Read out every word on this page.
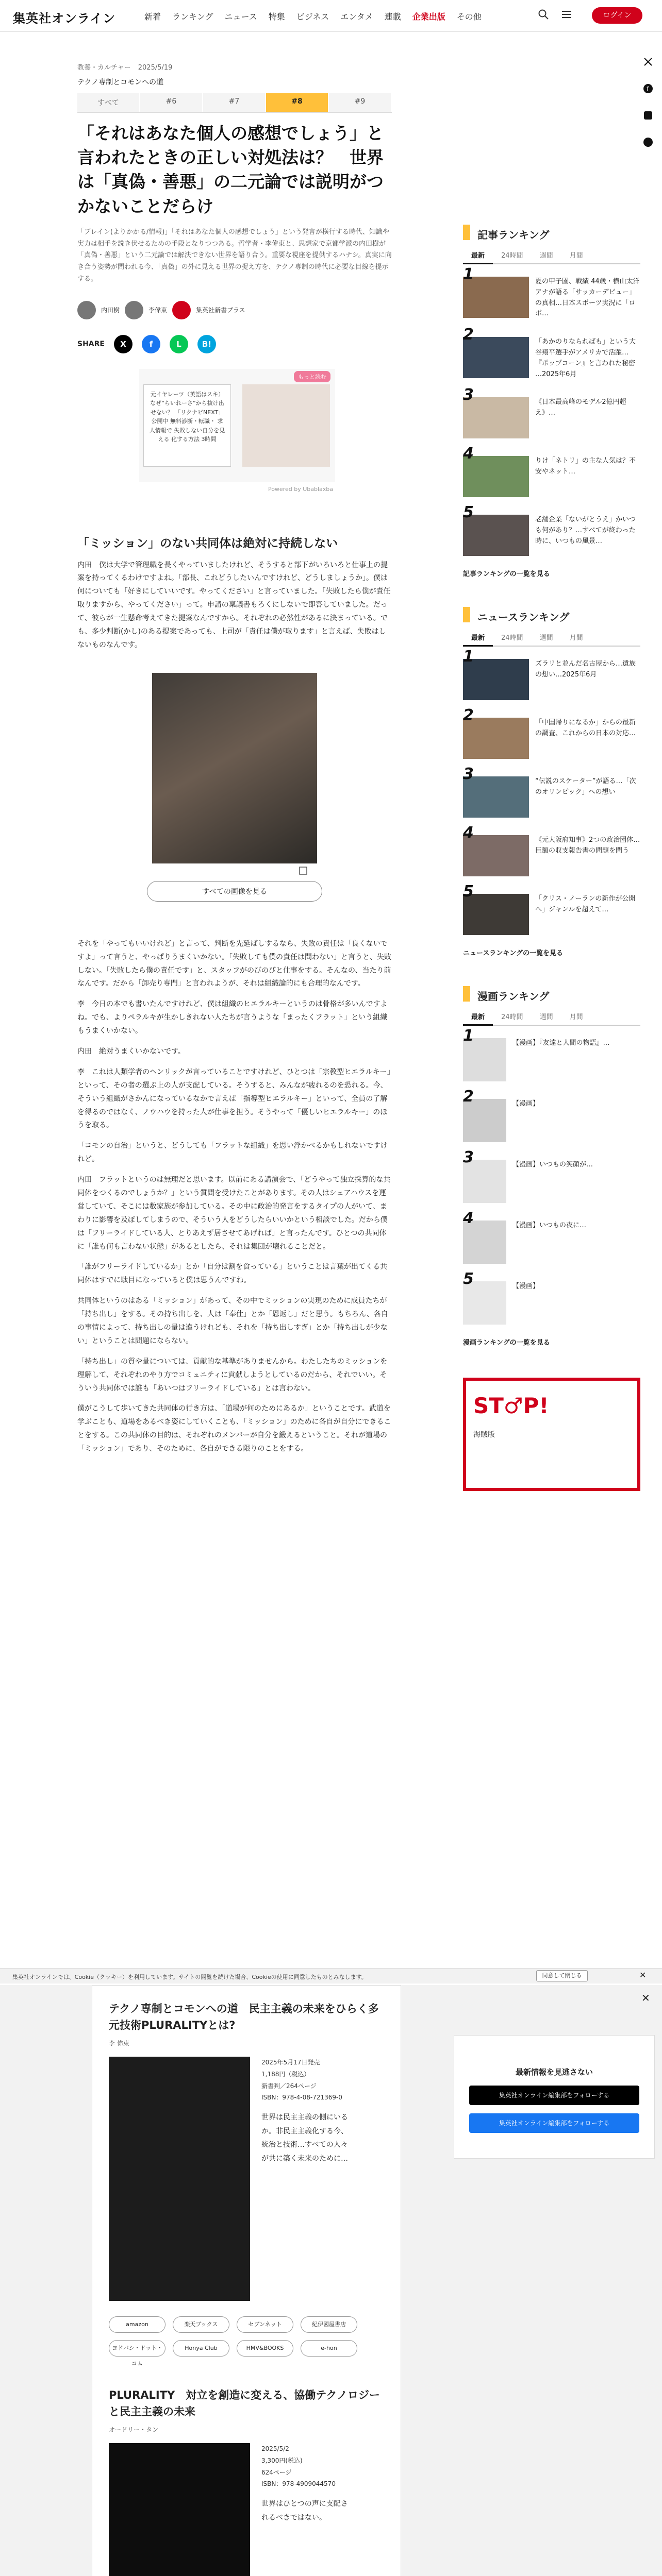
集英社オンライン	新着 ランキング ニュース 特集 ビジネス エンタメ 連載 企業出版 その他	ログイン
f
教養・カルチャー 2025/5/19
テクノ専制とコモンへの道
すべて	#6	#7	#8	#9
「それはあなた個人の感想でしょう」と言われたときの正しい対処法は？　世界は「真偽・善悪」の二元論では説明がつかないことだらけ

「ブレイン(よりかかる/情報)」「それはあなた個人の感想でしょう」という発言が横行する時代、知識や実力は相手を説き伏せるための手段となりつつある。哲学者・李偉東と、思想家で京都学派の内田樹が「真偽・善悪」という二元論では解決できない世界を語り合う。重要な視座を提供するハナシ。真実に向き合う姿勢が問われる今、「真偽」の外に見える世界の捉え方を、テクノ専制の時代に必要な目線を提示する。

内田樹	李偉東	集英社新書プラス
SHARE	X	f	L	B!
もっと読む
元イヤレーツ（英語はスキ）なぜ“らいれーさ”から抜け出せない？ 「リクナビNEXT」公開中 無料診断・転職・ 求人情報で 失敗しない自分を見える 化する方法 3時間
Powered by Ubablaxba
「ミッション」のない共同体は絶対に持続しない

内田　僕は大学で管理職を長くやっていましたけれど、そうすると部下がいろいろと仕事上の提案を持ってくるわけですよね。「部長、これどうしたいんですけれど、どうしましょうか」。僕は何についても「好きにしていいです。やってください」と言っていました。「失敗したら僕が責任取りますから、やってください」って。申請の稟議書もろくにしないで即答していました。だって、彼らが一生懸命考えてきた提案なんですから。それぞれの必然性があるに決まっている。でも、多少判断(かし)のある提案であっても、上司が「責任は僕が取ります」と言えば、失敗はしないものなんです。

すべての画像を見る

それを「やってもいいけれど」と言って、判断を先延ばしするなら、失敗の責任は「良くないですよ」って言うと、やっぱりうまくいかない。「失敗しても僕の責任は問わない」と言うと、失敗しない。「失敗したら僕の責任です」と、スタッフがのびのびと仕事をする。そんなの、当たり前なんです。だから「卸売り専門」と言われようが、それは組織論的にも合理的なんです。

李　今日の本でも書いたんですけれど、僕は組織のヒエラルキーというのは骨格が多いんですよね。でも、よりペラルキが生かしきれない人たちが言うような「まったくフラット」という組織もうまくいかない。

内田　絶対うまくいかないです。

李　これは人類学者のヘンリックが言っていることですけれど、ひとつは「宗教型ヒエラルキー」といって、その者の選ぶ上の人が支配している。そうすると、みんなが疲れるのを恐れる。今、そういう組織がさかんになっているなかで言えば「指導型ヒエラルキー」といって、全員の了解を得るのではなく、ノウハウを持った人が仕事を担う。そうやって「優しいヒエラルキー」のほうを取る。

「コモンの自治」というと、どうしても「フラットな組織」を思い浮かべるかもしれないですけれど。

内田　フラットというのは無理だと思います。以前にある講演会で、「どうやって独立採算的な共同体をつくるのでしょうか？」という質問を受けたことがあります。その人はシェアハウスを運営していて、そこには数家族が参加している。その中に政治的発言をするタイプの人がいて、まわりに影響を及ぼしてしまうので、そういう人をどうしたらいいかという相談でした。だから僕は「フリーライドしている人、とりあえず居させてあげれば」と言ったんです。ひとつの共同体に「誰も何も言わない状態」があるとしたら、それは集団が壊れることだと。

「誰がフリーライドしているか」とか「自分は割を食っている」ということは言葉が出てくる共同体はすでに駄目になっていると僕は思うんですね。

共同体というのはある「ミッション」があって、その中でミッションの実現のために成員たちが「持ち出し」をする。その持ち出しを、人は「奉仕」とか「恩返し」だと思う。もちろん、各自の事情によって、持ち出しの量は違うけれども、それを「持ち出しすぎ」とか「持ち出しが少ない」ということは問題にならない。

「持ち出し」の質や量については、貢献的な基準がありませんから。わたしたちのミッションを理解して、それぞれのやり方でコミュニティに貢献しようとしているのだから、それでいい。そういう共同体では誰も「あいつはフリーライドしている」とは言わない。

僕がこうして歩いてきた共同体の行き方は、「道場が何のためにあるか」ということです。武道を学ぶことも、道場をあるべき姿にしていくことも、「ミッション」のために各自が自分にできることをする。この共同体の目的は、それぞれのメンバーが自分を鍛えるということ。それが道場の「ミッション」であり、そのために、各自ができる限りのことをする。

記事ランキング
最新	24時間	週間	月間
1	夏の甲子園、戦績 44歳・横山太洋アナが語る「サッカーデビュー」の真相…日本スポーツ実況に「ロボ…
2	「あかのりならればも」という大谷翔平選手がアメリカで活躍…『ポップコーン』と言われた秘密 …2025年6月
3	《日本最高峰のモデル2億円超え》…
4	りけ「ネトリ」の主な人気は？不安やネット…
5	老舗企業「ないがとうえ」かいつも何があり？…すべてが終わった時に、いつもの風景…
記事ランキングの一覧を見る
ニュースランキング
最新	24時間	週間	月間
1	ズラリと並んだ名古屋から…遺族の想い…2025年6月
2	「中国帰りになるか」からの最新の調査、これからの日本の対応…
3	“伝説のスケーター”が語る…「次のオリンピック」への想い
4	《元大阪府知事》2つの政治団体…巨額の収支報告書の問題を問う
5	「クリス・ノーランの新作が公開へ」ジャンルを超えて…
ニュースランキングの一覧を見る
漫画ランキング
最新	24時間	週間	月間
1	【漫画】『友達と人間の物語』…
2	【漫画】
3	【漫画】いつもの笑顔が…
4	【漫画】いつもの夜に…
5	【漫画】
漫画ランキングの一覧を見る
ST♂P!
海賊版
集英社オンラインでは、Cookie（クッキー）を利用しています。サイトの閲覧を続けた場合、Cookieの使用に同意したものとみなします。	同意して閉じる	✕
✕
テクノ専制とコモンへの道　民主主義の未来をひらく多元技術PLURALITYとは?
李 偉東
2025年5月17日発売
1,188円（税込）
新書判／264ページ
ISBN：978-4-08-721369-0
世界は民主主義の側にいるか。非民主主義化する今、統治と技術…すべての人々が共に築く未来のために…
amazon	楽天ブックス	セブンネット	紀伊國屋書店
ヨドバシ・ドット・コム
Honya Club	HMV&BOOKS	e-hon
PLURALITY　対立を創造に変える、協働テクノロジーと民主主義の未来
オードリー・タン
2025/5/2
3,300円(税込)
624ページ
ISBN：978-4909044570
世界はひとつの声に支配されるべきではない。
最新情報を見逃さない
集英社オンライン編集部をフォローする
集英社オンライン編集部をフォローする
